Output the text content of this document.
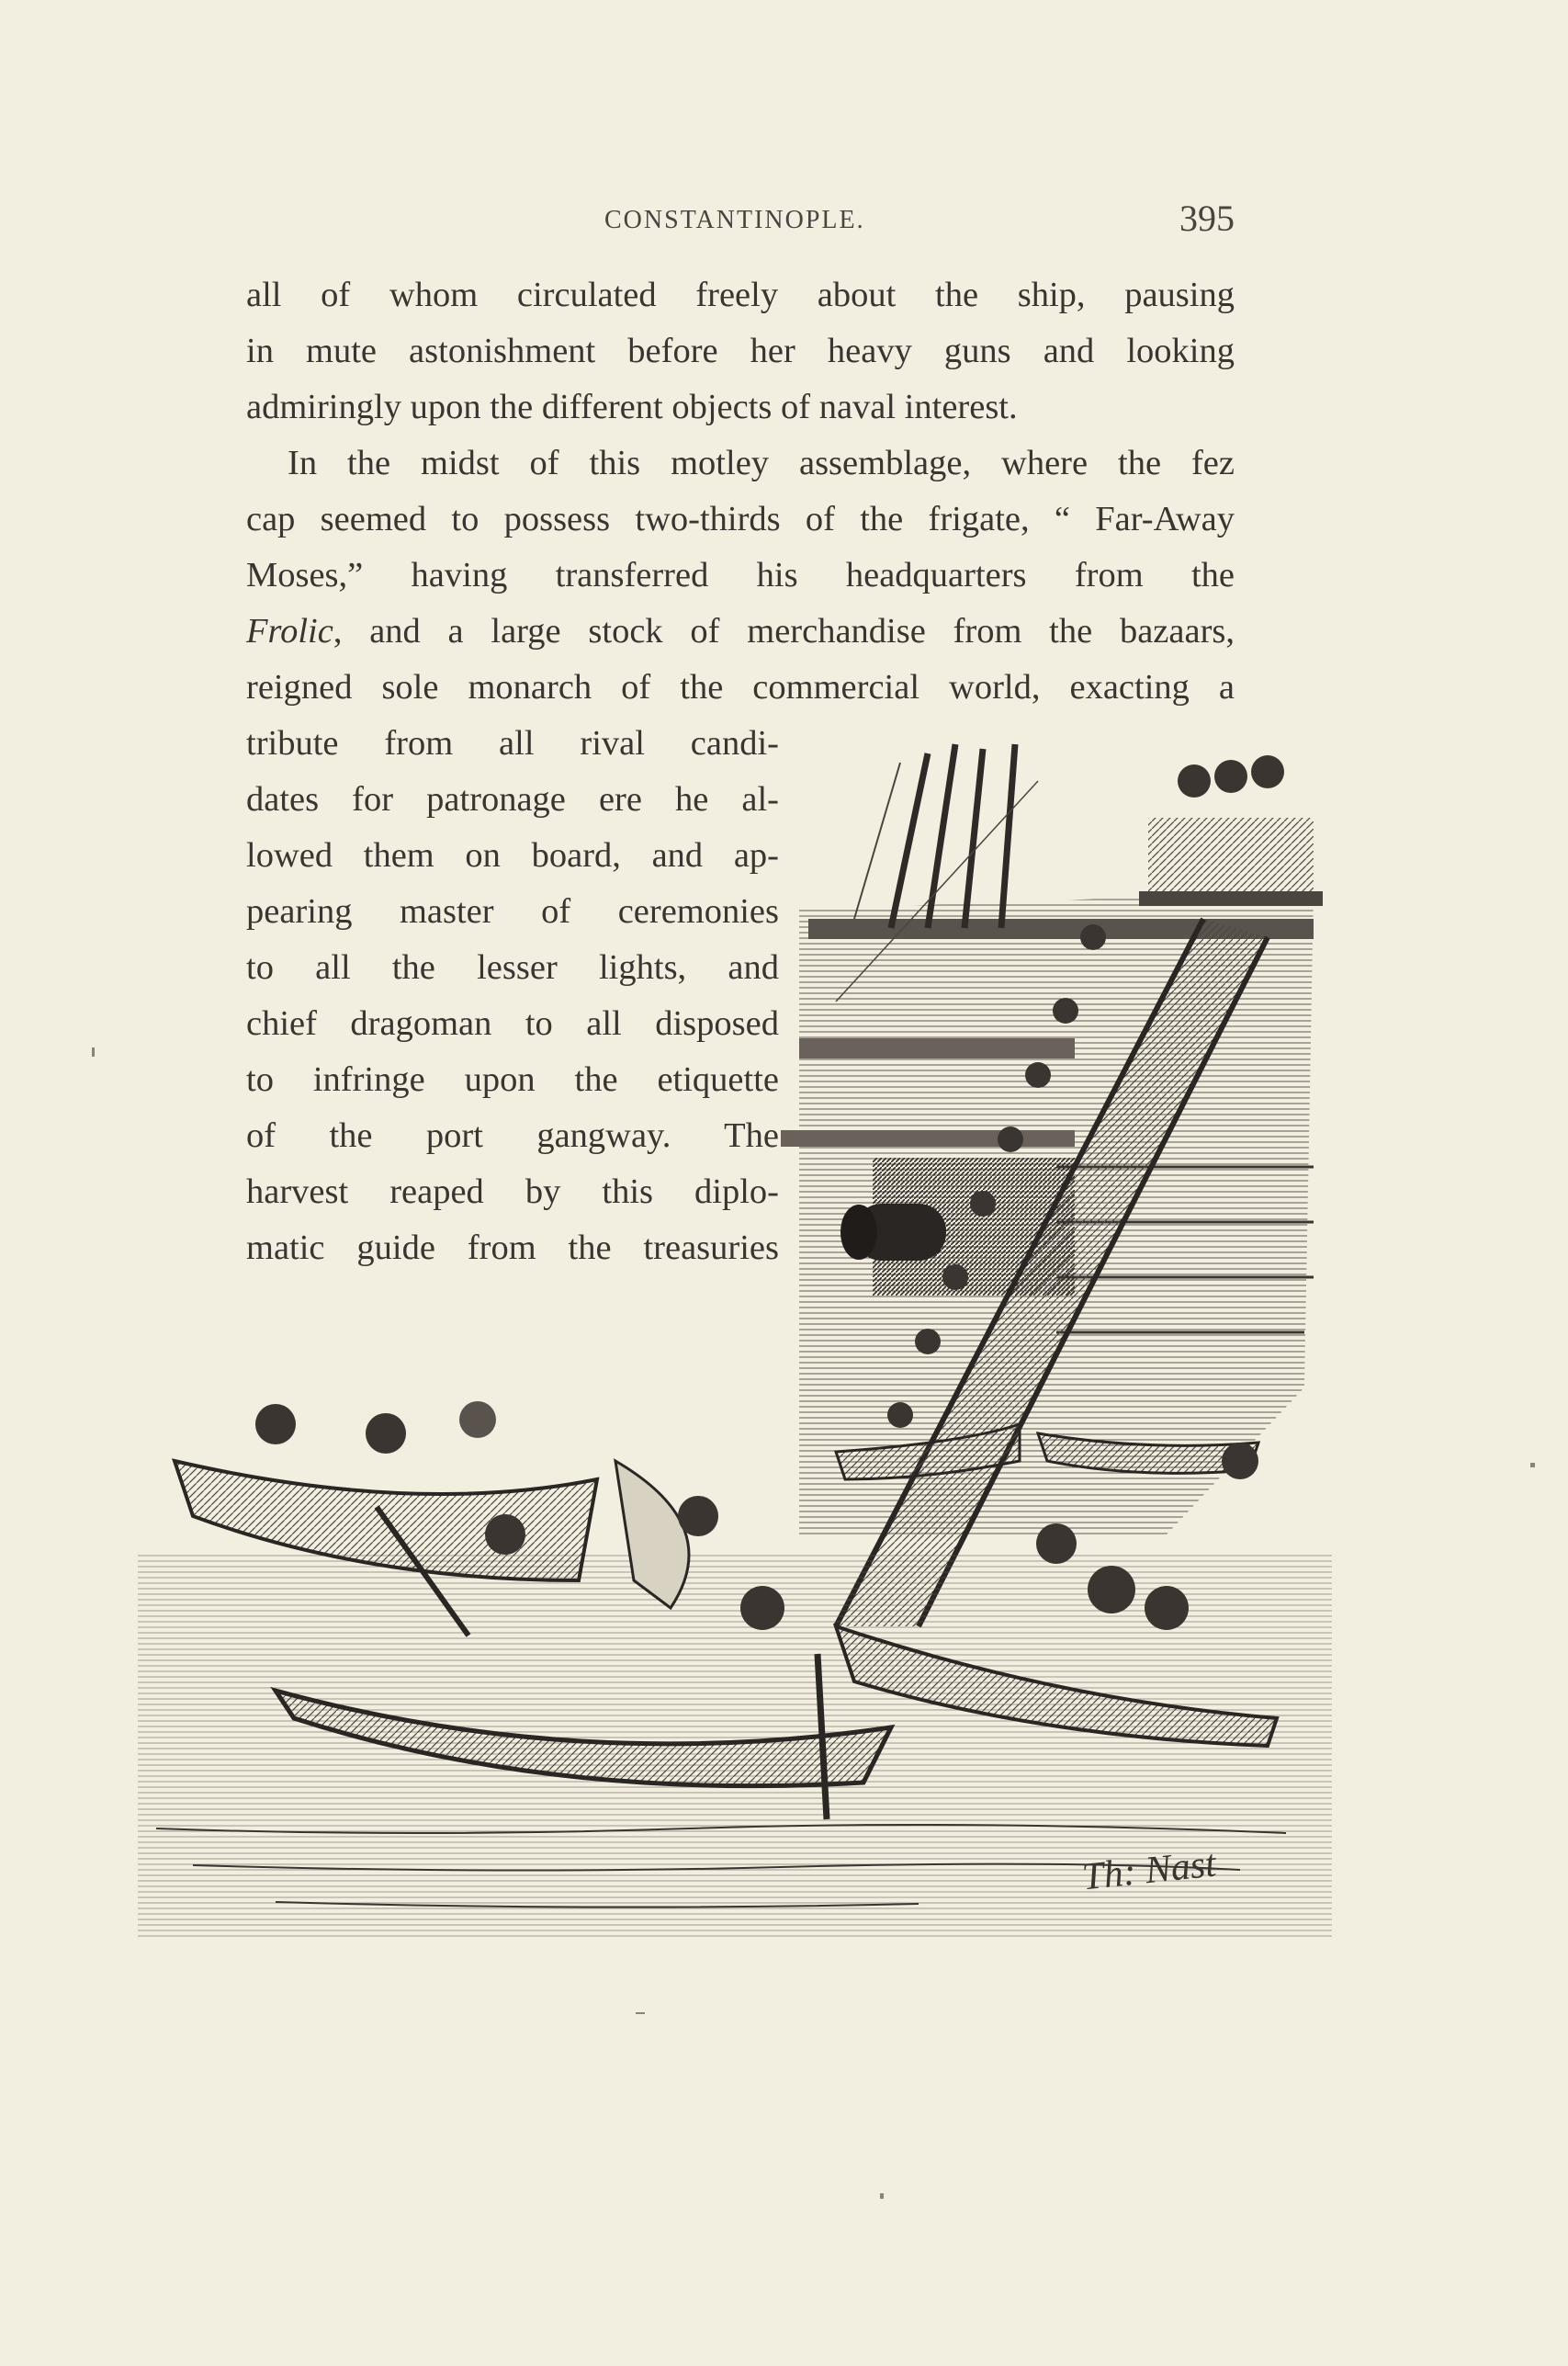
CONSTANTINOPLE.	395
all of whom circulated freely about the ship, pausing
in mute astonishment before her heavy guns and looking
admiringly upon the different objects of naval interest.
In the midst of this motley assemblage, where the fez
cap seemed to possess two-thirds of the frigate, “ Far-Away
Moses,” having transferred his headquarters from the
Frolic , and a large stock of merchandise from the bazaars,
reigned sole monarch of the commercial world, exacting a
tribute from all rival candi-
dates for patronage ere he al-
lowed them on board, and ap-
pearing master of ceremonies
to all the lesser lights, and
chief dragoman to all disposed
to infringe upon the etiquette
of the port gangway. The
harvest reaped by this diplo-
matic guide from the treasuries
Th: Nast
